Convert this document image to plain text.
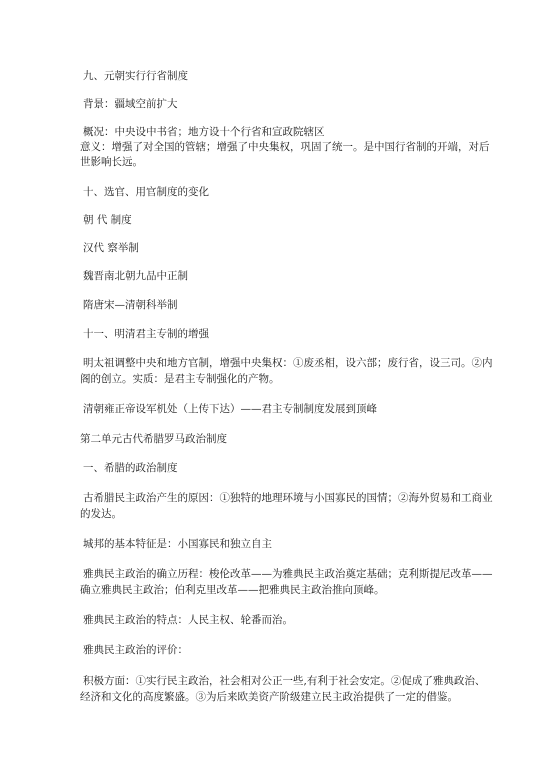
九、元朝实行行省制度
背景：疆域空前扩大
概况：中央设中书省；地方设十个行省和宣政院辖区
意义：增强了对全国的管辖；增强了中央集权，巩固了统一。是中国行省制的开端，对后
世影响长远。
十、选官、用官制度的变化
朝 代 制度
汉代 察举制
魏晋南北朝九品中正制
隋唐宋—清朝科举制
十一、明清君主专制的增强
明太祖调整中央和地方官制，增强中央集权：①废丞相，设六部；废行省，设三司。②内
阁的创立。实质：是君主专制强化的产物。
清朝雍正帝设军机处（上传下达）——君主专制制度发展到顶峰
第二单元古代希腊罗马政治制度
一、希腊的政治制度
古希腊民主政治产生的原因：①独特的地理环境与小国寡民的国情；②海外贸易和工商业
的发达。
城邦的基本特征是：小国寡民和独立自主
雅典民主政治的确立历程：梭伦改革——为雅典民主政治奠定基础；克利斯提尼改革——
确立雅典民主政治；伯利克里改革——把雅典民主政治推向顶峰。
雅典民主政治的特点：人民主权、轮番而治。
雅典民主政治的评价：
积极方面：①实行民主政治，社会相对公正一些,有利于社会安定。②促成了雅典政治、
经济和文化的高度繁盛。③为后来欧美资产阶级建立民主政治提供了一定的借鉴。
